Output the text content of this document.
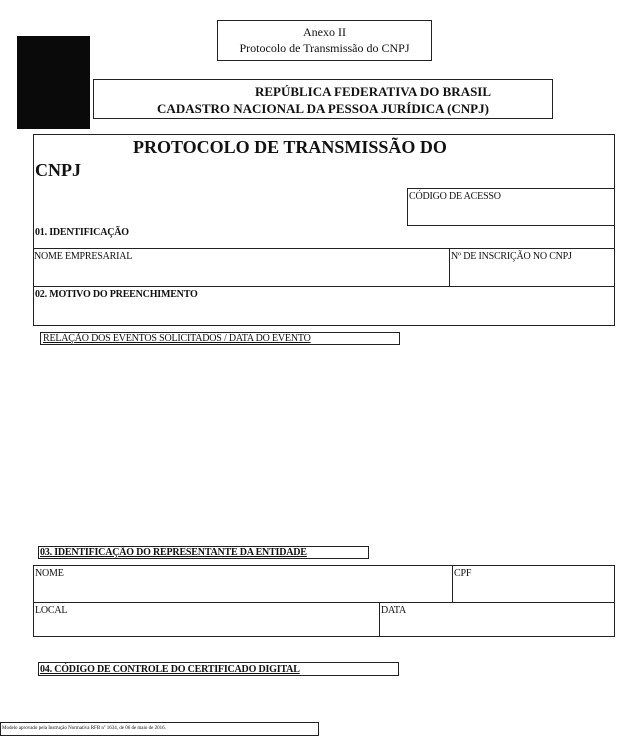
Anexo II
Protocolo de Transmissão do CNPJ
REPÚBLICA FEDERATIVA DO BRASIL
CADASTRO NACIONAL DA PESSOA JURÍDICA (CNPJ)
PROTOCOLO DE TRANSMISSÃO DO
CNPJ
CÓDIGO DE ACESSO
01. IDENTIFICAÇÃO
NOME EMPRESARIAL	Nº DE INSCRIÇÃO NO CNPJ
02. MOTIVO DO PREENCHIMENTO
RELAÇÃO DOS EVENTOS SOLICITADOS / DATA DO EVENTO
03. IDENTIFICAÇÃO DO REPRESENTANTE DA ENTIDADE
NOME	CPF
LOCAL	DATA
04. CÓDIGO DE CONTROLE DO CERTIFICADO DIGITAL
Modelo aprovado pela Instrução Normativa RFB nº 1634, de 06 de maio de 2016.
